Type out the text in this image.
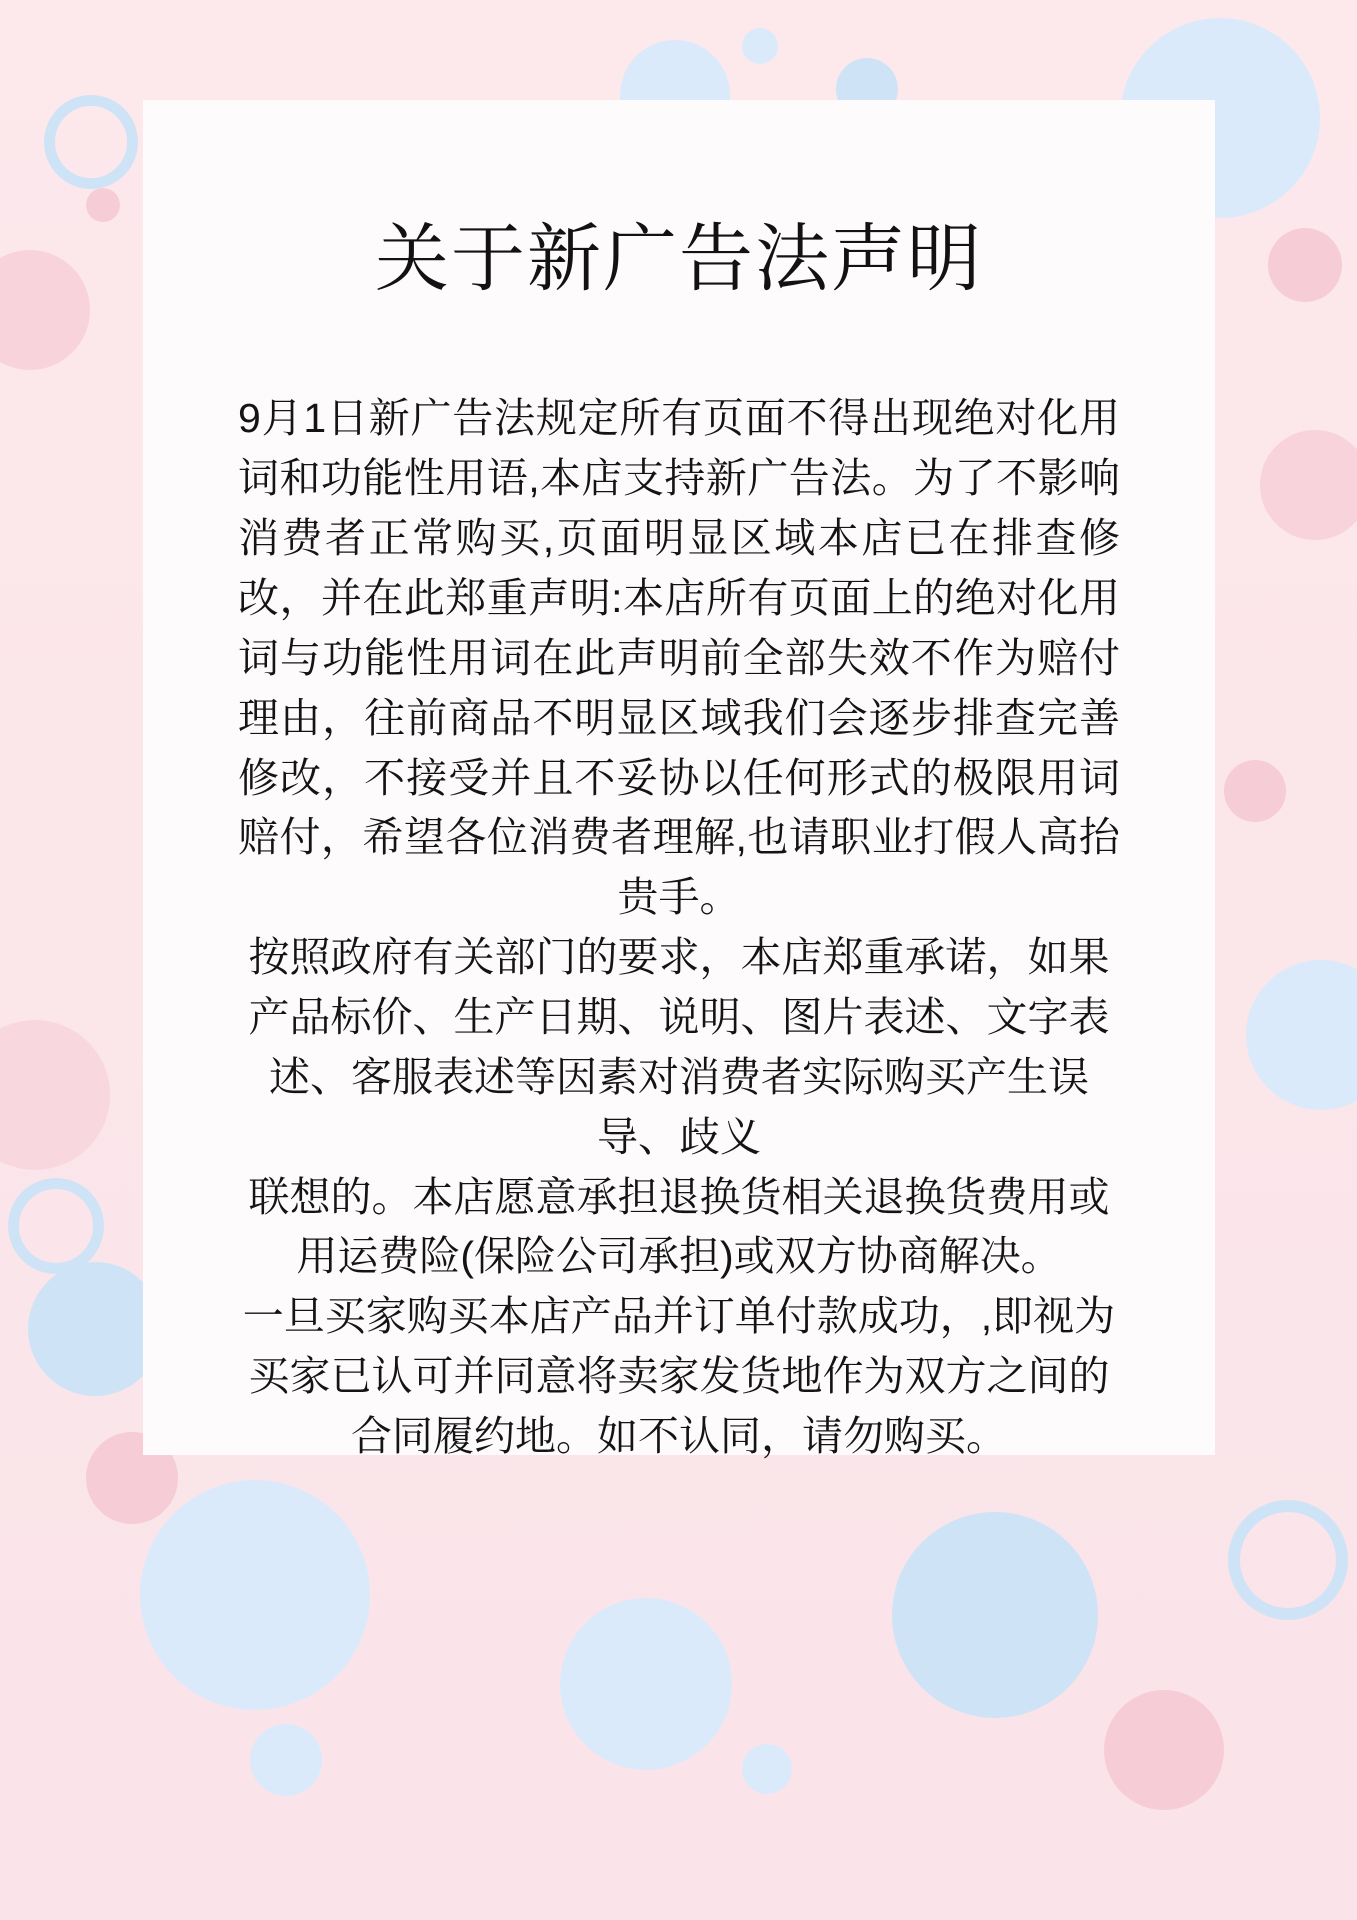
关于新广告法声明

9月1日新广告法规定所有页面不得出现绝对化用词和功能性用语,本店支持新广告法。为了不影响消费者正常购买,页面明显区域本店已在排查修改，并在此郑重声明:本店所有页面上的绝对化用词与功能性用词在此声明前全部失效不作为赔付理由，往前商品不明显区域我们会逐步排查完善修改，不接受并且不妥协以任何形式的极限用词赔付，希望各位消费者理解,也请职业打假人高抬贵手。

按照政府有关部门的要求，本店郑重承诺，如果产品标价、生产日期、说明、图片表述、文字表述、客服表述等因素对消费者实际购买产生误导、歧义

联想的。本店愿意承担退换货相关退换货费用或用运费险(保险公司承担)或双方协商解决。

一旦买家购买本店产品并订单付款成功，,即视为买家已认可并同意将卖家发货地作为双方之间的合同履约地。如不认同，请勿购买。
